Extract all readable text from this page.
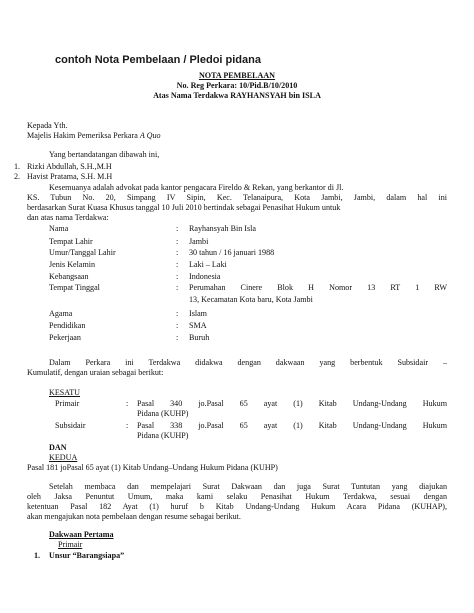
contoh Nota Pembelaan / Pledoi pidana
NOTA PEMBELAAN
No. Reg Perkara: 10/Pid.B/10/2010
Atas Nama Terdakwa RAYHANSYAH bin ISLA
Kepada Yth.
Majelis Hakim Pemeriksa Perkara A Quo
Yang bertandatangan dibawah ini,
1. Rizki Abdullah, S.H.,M.H
2. Havist Pratama, S.H. M.H
Kesemuanya adalah advokat pada kantor pengacara Fireldo & Rekan, yang berkantor di Jl.
KS. Tubun No. 20, Simpang IV Sipin, Kec. Telanaipura, Kota Jambi, Jambi, dalam hal ini
berdasarkan Surat Kuasa Khusus tanggal 10 Juli 2010 bertindak sebagai Penasihat Hukum untuk
dan atas nama Terdakwa:
Nama	: Rayhansyah Bin Isla
Tempat Lahir	: Jambi
Umur/Tanggal Lahir	: 30 tahun / 16 januari 1988
Jenis Kelamin	: Laki – Laki
Kebangsaan	: Indonesia
Tempat Tinggal	: Perumahan Cinere Blok H Nomor 13 RT 1 RW
13, Kecamatan Kota baru, Kota Jambi
Agama	: Islam
Pendidikan	: SMA
Pekerjaan	: Buruh
Dalam Perkara ini Terdakwa didakwa dengan dakwaan yang berbentuk Subsidair –
Kumulatif, dengan uraian sebagai berikut:
KESATU
Primair	: Pasal 340 jo.Pasal 65 ayat (1) Kitab Undang-Undang Hukum
Pidana (KUHP)
Subsidair	: Pasal 338 jo.Pasal 65 ayat (1) Kitab Undang-Undang Hukum
Pidana (KUHP)
DAN
KEDUA
Pasal 181 joPasal 65 ayat (1) Kitab Undang–Undang Hukum Pidana (KUHP)
Setelah membaca dan mempelajari Surat Dakwaan dan juga Surat Tuntutan yang diajukan
oleh Jaksa Penuntut Umum, maka kami selaku Penasihat Hukum Terdakwa, sesuai dengan
ketentuan Pasal 182 Ayat (1) huruf b Kitab Undang-Undang Hukum Acara Pidana (KUHAP),
akan mengajukan nota pembelaan dengan resume sebagai berikut.
Dakwaan Pertama
Primair
1. Unsur “Barangsiapa”
